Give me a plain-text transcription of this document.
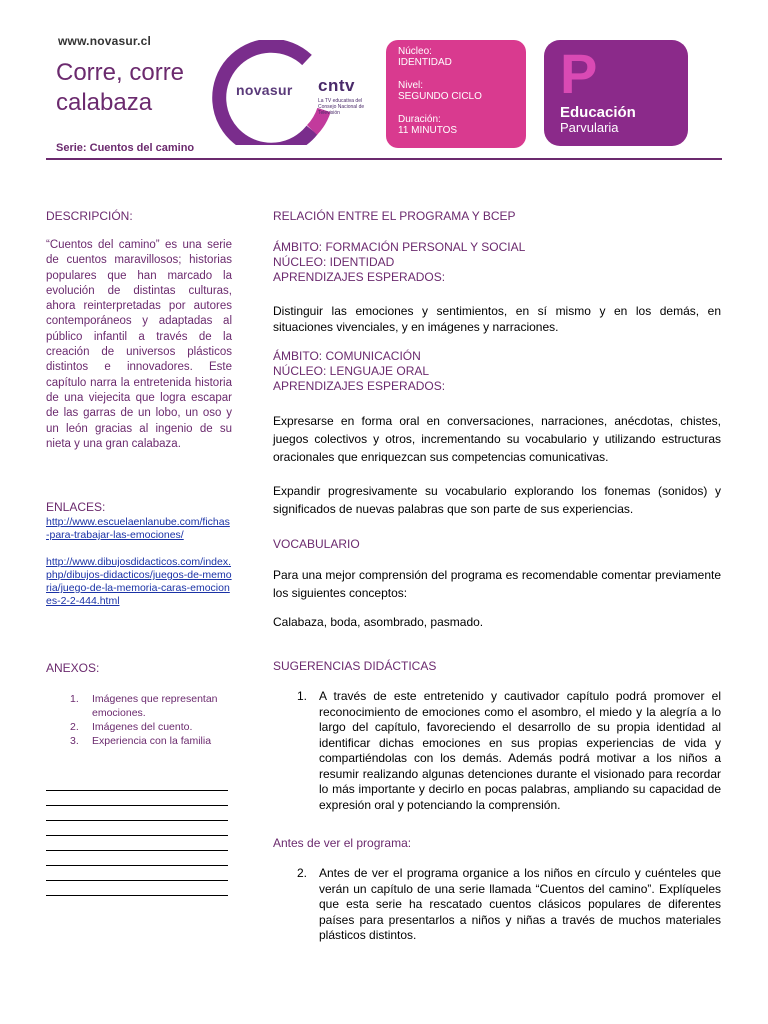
www.novasur.cl
Corre, corre
calabaza
Serie: Cuentos del camino
novasur cntv
La TV educativa del Consejo Nacional de Televisión
Núcleo:
IDENTIDAD
Nivel:
SEGUNDO CICLO
Duración:
11 MINUTOS
P
Educación
Parvularia
DESCRIPCIÓN:
“Cuentos del camino” es una serie de cuentos maravillosos; historias populares que han marcado la evolución de distintas culturas, ahora reinterpretadas por autores contemporáneos y adaptadas al público infantil a través de la creación de universos plásticos distintos e innovadores. Este capítulo narra la entretenida historia de una viejecita que logra escapar de las garras de un lobo, un oso y un león gracias al ingenio de su nieta y una gran calabaza.
ENLACES:
http://www.escuelaenlanube.com/fichas-para-trabajar-las-emociones/
http://www.dibujosdidacticos.com/index.php/dibujos-didacticos/juegos-de-memoria/juego-de-la-memoria-caras-emociones-2-2-444.html
ANEXOS:
1.	Imágenes que representan emociones.
2.	Imágenes del cuento.
3.	Experiencia con la familia
RELACIÓN ENTRE EL PROGRAMA Y BCEP
ÁMBITO: FORMACIÓN PERSONAL Y SOCIAL
NÚCLEO: IDENTIDAD
APRENDIZAJES ESPERADOS:
Distinguir las emociones y sentimientos, en sí mismo y en los demás, en situaciones vivenciales, y en imágenes y narraciones.
ÁMBITO: COMUNICACIÓN
NÚCLEO: LENGUAJE ORAL
APRENDIZAJES ESPERADOS:
Expresarse en forma oral en conversaciones, narraciones, anécdotas, chistes, juegos colectivos y otros, incrementando su vocabulario y utilizando estructuras oracionales que enriquezcan sus competencias comunicativas.
Expandir progresivamente su vocabulario explorando los fonemas (sonidos) y significados de nuevas palabras que son parte de sus experiencias.
VOCABULARIO
Para una mejor comprensión del programa es recomendable comentar previamente los siguientes conceptos:
Calabaza, boda, asombrado, pasmado.
SUGERENCIAS DIDÁCTICAS
1. A través de este entretenido y cautivador capítulo podrá promover el reconocimiento de emociones como el asombro, el miedo y la alegría a lo largo del capítulo, favoreciendo el desarrollo de su propia identidad al identificar dichas emociones en sus propias experiencias de vida y compartiéndolas con los demás. Además podrá motivar a los niños a resumir realizando algunas detenciones durante el visionado para recordar lo más importante y decirlo en pocas palabras, ampliando su capacidad de expresión oral y potenciando la comprensión.
Antes de ver el programa:
2. Antes de ver el programa organice a los niños en círculo y cuénteles que verán un capítulo de una serie llamada “Cuentos del camino”. Explíqueles que esta serie ha rescatado cuentos clásicos populares de diferentes países para presentarlos a niños y niñas a través de muchos materiales plásticos distintos.
